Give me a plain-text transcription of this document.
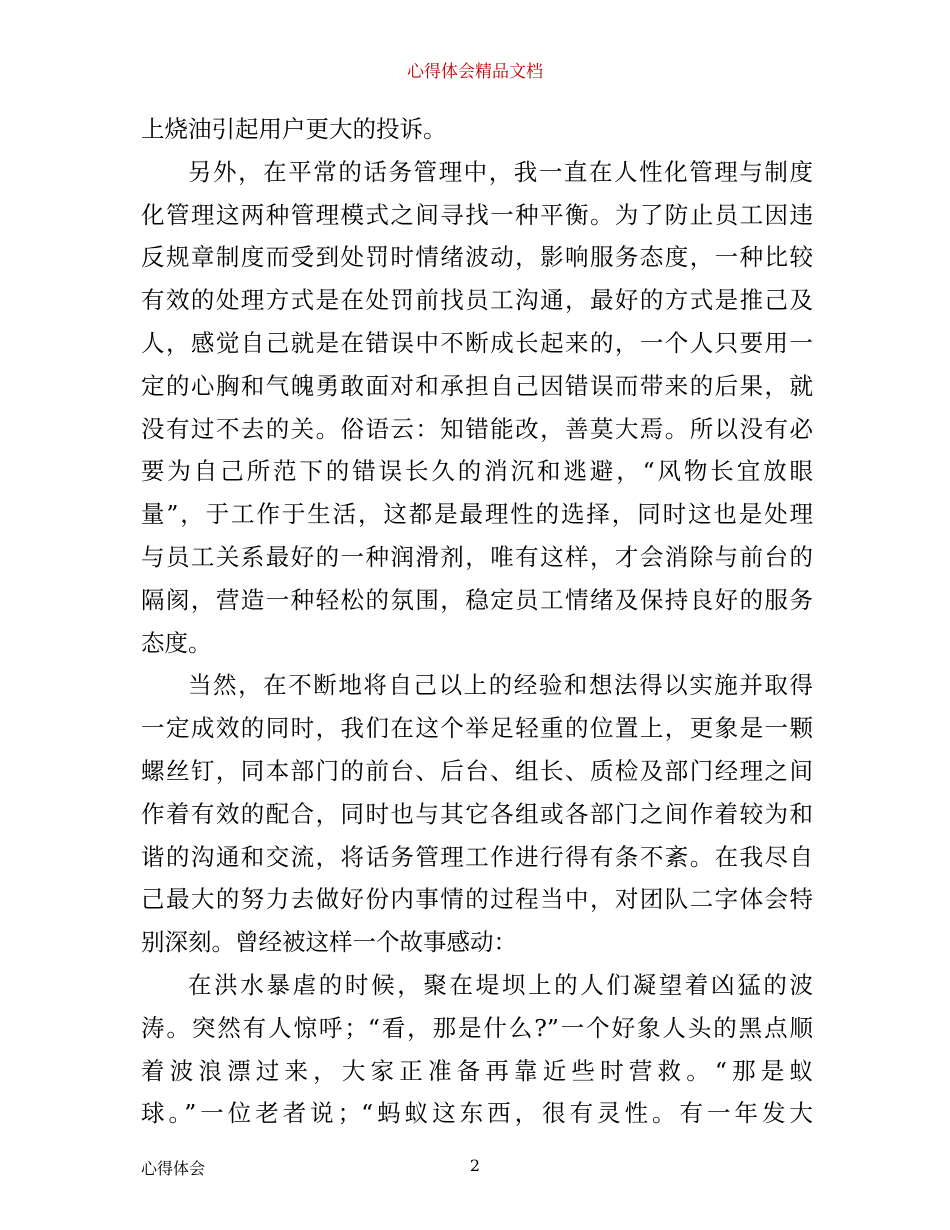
心得体会精品文档
上烧油引起用户更大的投诉。
另外，在平常的话务管理中，我一直在人性化管理与制度
化管理这两种管理模式之间寻找一种平衡。为了防止员工因违
反规章制度而受到处罚时情绪波动，影响服务态度，一种比较
有效的处理方式是在处罚前找员工沟通，最好的方式是推己及
人，感觉自己就是在错误中不断成长起来的，一个人只要用一
定的心胸和气魄勇敢面对和承担自己因错误而带来的后果，就
没有过不去的关。俗语云：知错能改，善莫大焉。所以没有必
要为自己所范下的错误长久的消沉和逃避，“风物长宜放眼
量”，于工作于生活，这都是最理性的选择，同时这也是处理
与员工关系最好的一种润滑剂，唯有这样，才会消除与前台的
隔阂，营造一种轻松的氛围，稳定员工情绪及保持良好的服务
态度。
当然，在不断地将自己以上的经验和想法得以实施并取得
一定成效的同时，我们在这个举足轻重的位置上，更象是一颗
螺丝钉，同本部门的前台、后台、组长、质检及部门经理之间
作着有效的配合，同时也与其它各组或各部门之间作着较为和
谐的沟通和交流，将话务管理工作进行得有条不紊。在我尽自
己最大的努力去做好份内事情的过程当中，对团队二字体会特
别深刻。曾经被这样一个故事感动：
在洪水暴虐的时候，聚在堤坝上的人们凝望着凶猛的波
涛。突然有人惊呼；“看，那是什么?”一个好象人头的黑点顺
着波浪漂过来，大家正准备再靠近些时营救。“那是蚁
球。”一位老者说；“蚂蚁这东西，很有灵性。有一年发大
心得体会	2
